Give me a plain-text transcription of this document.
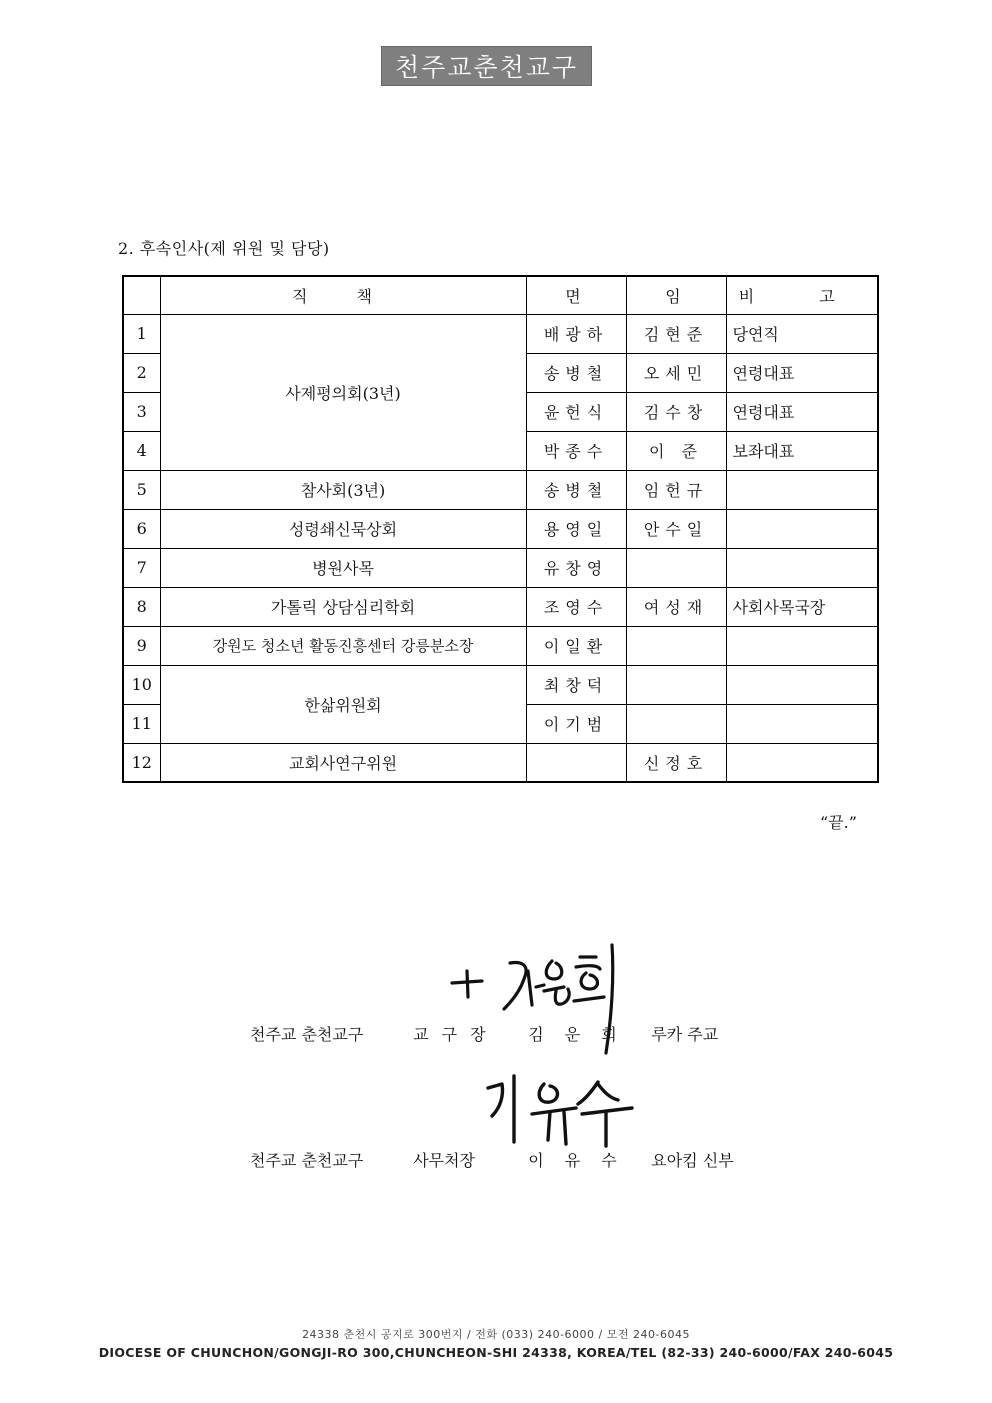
천주교춘천교구
2. 후속인사(제 위원 및 담당)
	직 책	면	임	비 고
1	사제평의회(3년)	배광하	김현준	당연직
2		송병철	오세민	연령대표
3		윤헌식	김수창	연령대표
4		박종수	이 준	보좌대표
5	참사회(3년)	송병철	임헌규	
6	성령쇄신묵상회	용영일	안수일	
7	병원사목	유창영		
8	가톨릭 상담심리학회	조영수	여성재	사회사목국장
9	강원도 청소년 활동진흥센터 강릉분소장	이일환		
10	한삶위원회	최창덕		
11		이기범		
12	교회사연구위원		신정호	
“끝.”
천주교 춘천교구	교 구 장 김 운 회 루카 주교
천주교 춘천교구	사무처장	이 유 수 요아킴 신부
24338 춘천시 공지로 300번지 / 전화 (033) 240-6000 / 모전 240-6045
DIOCESE OF CHUNCHON/GONGJI-RO 300,CHUNCHEON-SHI 24338, KOREA/TEL (82-33) 240-6000/FAX 240-6045
